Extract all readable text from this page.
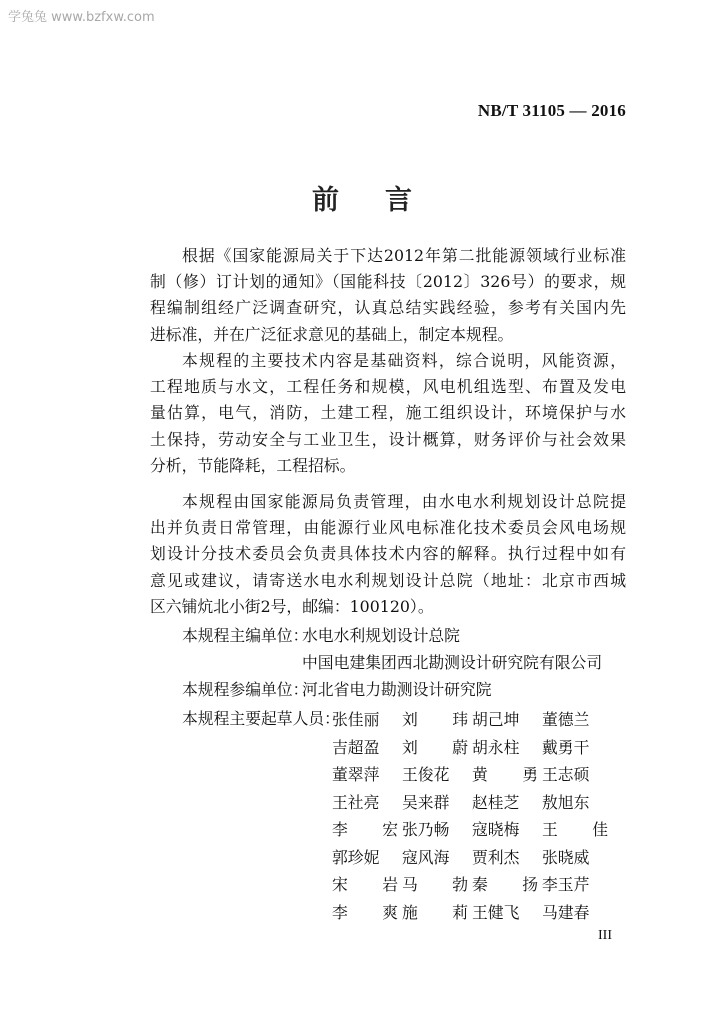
学兔兔 www.bzfxw.com
NB/T 31105 — 2016
前言
根据《国家能源局关于下达2012年第二批能源领域行业标准
制（修）订计划的通知》（国能科技〔2012〕326号）的要求，规
程编制组经广泛调查研究，认真总结实践经验，参考有关国内先
进标准，并在广泛征求意见的基础上，制定本规程。
本规程的主要技术内容是基础资料，综合说明，风能资源，
工程地质与水文，工程任务和规模，风电机组选型、布置及发电
量估算，电气，消防，土建工程，施工组织设计，环境保护与水
土保持，劳动安全与工业卫生，设计概算，财务评价与社会效果
分析，节能降耗，工程招标。
本规程由国家能源局负责管理，由水电水利规划设计总院提
出并负责日常管理，由能源行业风电标准化技术委员会风电场规
划设计分技术委员会负责具体技术内容的解释。执行过程中如有
意见或建议，请寄送水电水利规划设计总院（地址：北京市西城
区六铺炕北小街2号，邮编：100120）。
本规程主编单位：
水电水利规划设计总院
中国电建集团西北勘测设计研究院有限公司
本规程参编单位：
河北省电力勘测设计研究院
本规程主要起草人员：
张佳丽 刘 玮 胡己坤 董德兰
吉超盈 刘 蔚 胡永柱 戴勇干
董翠萍 王俊花 黄 勇 王志硕
王社亮 吴来群 赵桂芝 敖旭东
李 宏 张乃畅 寇晓梅 王 佳
郭珍妮 寇风海 贾利杰 张晓威
宋 岩 马 勃 秦 扬 李玉芹
李 爽 施 莉 王健飞 马建春
III
